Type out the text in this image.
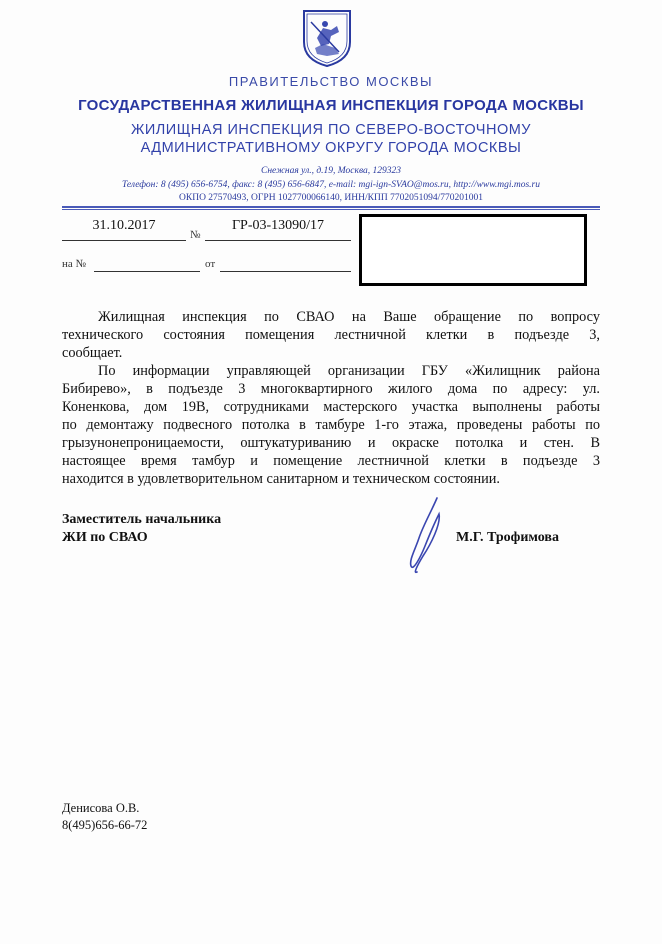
ПРАВИТЕЛЬСТВО МОСКВЫ
ГОСУДАРСТВЕННАЯ ЖИЛИЩНАЯ ИНСПЕКЦИЯ ГОРОДА МОСКВЫ
ЖИЛИЩНАЯ ИНСПЕКЦИЯ ПО СЕВЕРО-ВОСТОЧНОМУ
АДМИНИСТРАТИВНОМУ ОКРУГУ ГОРОДА МОСКВЫ
Снежная ул., д.19, Москва, 129323
Телефон: 8 (495) 656-6754, факс: 8 (495) 656-6847, e-mail: mgi-ign-SVAO@mos.ru, http://www.mgi.mos.ru
ОКПО 27570493, ОГРН 1027700066140, ИНН/КПП 7702051094/770201001
31.10.2017
№
ГР-03-13090/17
на №	от
Жилищная инспекция по СВАО на Ваше обращение по вопросу
технического состояния помещения лестничной клетки в подъезде 3,
сообщает.
По информации управляющей организации ГБУ «Жилищник района
Бибирево», в подъезде 3 многоквартирного жилого дома по адресу: ул.
Коненкова, дом 19В, сотрудниками мастерского участка выполнены работы
по демонтажу подвесного потолка в тамбуре 1-го этажа, проведены работы по
грызунонепроницаемости, оштукатуриванию и окраске потолка и стен. В
настоящее время тамбур и помещение лестничной клетки в подъезде 3
находится в удовлетворительном санитарном и техническом состоянии.
Заместитель начальника
ЖИ по СВАО	М.Г. Трофимова
Денисова О.В.
8(495)656-66-72
